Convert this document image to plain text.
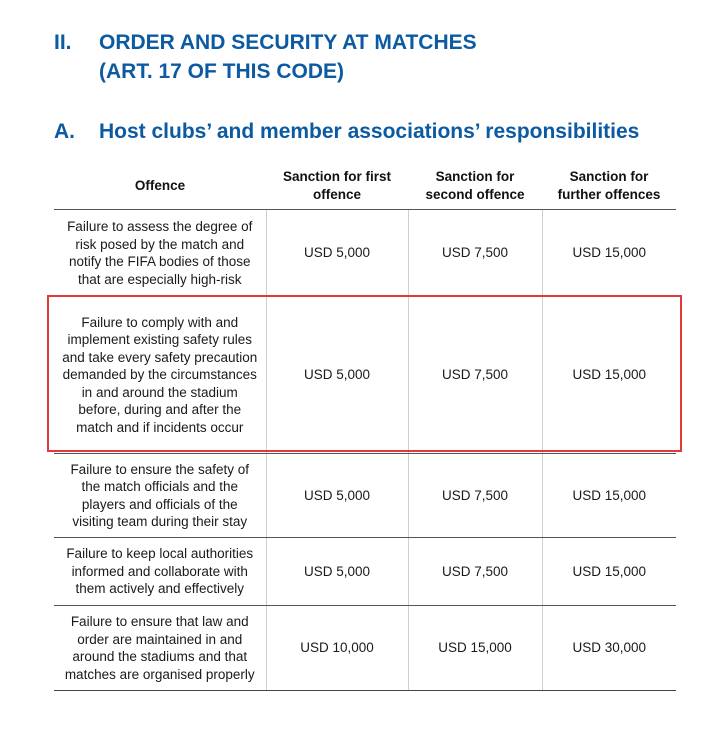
II. ORDER AND SECURITY AT MATCHES
(ART. 17 OF THIS CODE)
A. Host clubs’ and member associations’ responsibilities
Offence	Sanction for first offence	Sanction for second offence	Sanction for further offences
Failure to assess the degree of risk posed by the match and notify the FIFA bodies of those that are especially high-risk	USD 5,000	USD 7,500	USD 15,000
Failure to comply with and implement existing safety rules and take every safety precaution demanded by the circumstances in and around the stadium before, during and after the match and if incidents occur	USD 5,000	USD 7,500	USD 15,000
Failure to ensure the safety of the match officials and the players and officials of the visiting team during their stay	USD 5,000	USD 7,500	USD 15,000
Failure to keep local authorities informed and collaborate with them actively and effectively	USD 5,000	USD 7,500	USD 15,000
Failure to ensure that law and order are maintained in and around the stadiums and that matches are organised properly	USD 10,000	USD 15,000	USD 30,000
